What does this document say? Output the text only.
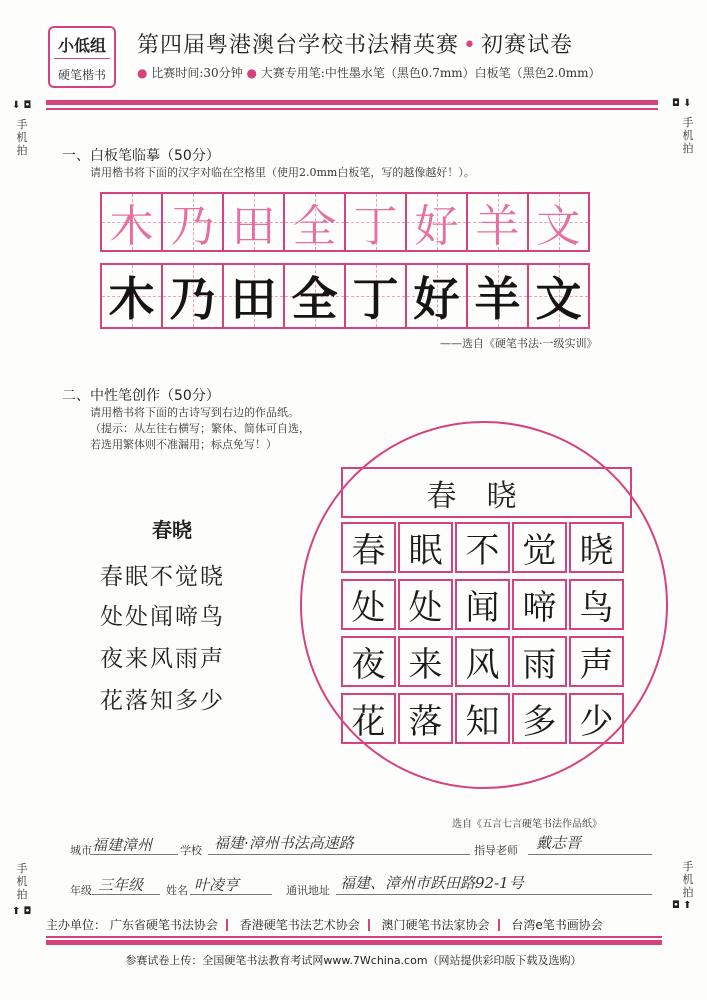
小低组
硬笔楷书
第四届粤港澳台学校书法精英赛 • 初赛试卷
● 比赛时间:30分钟 ● 大赛专用笔:中性墨水笔（黑色0.7mm）白板笔（黑色2.0mm）
⬇ ◘
手机拍
◘ ⬇
手机拍
手机拍
⬆ ◘
手机拍
◘ ⬆
一、白板笔临摹（50分）
请用楷书将下面的汉字对临在空格里（使用2.0mm白板笔，写的越像越好！）。
木 乃 田 全 丁 好 羊 文
木 乃 田 全 丁 好 羊 文
——选自《硬笔书法·一级实训》
二、中性笔创作（50分）
请用楷书将下面的古诗写到右边的作品纸。
（提示：从左往右横写；繁体、简体可自选，
若选用繁体则不准漏用；标点免写！）
春晓
春眠不觉晓
处处闻啼鸟
夜来风雨声
花落知多少
春晓
春 眠 不 觉 晓
处 处 闻 啼 鸟
夜 来 风 雨 声
花 落 知 多 少
选自《五言七言硬笔书法作品纸》
城市 福建漳州	学校 福建·漳州书法高速路	指导老师 戴志晋
年级 三年级 姓名 叶凌亨	通讯地址 福建、漳州市跃田路92-1号
主办单位： 广东省硬笔书法协会 香港硬笔书法艺术协会 澳门硬笔书法家协会 台湾e笔书画协会
参赛试卷上传：全国硬笔书法教育考试网www.7Wchina.com（网站提供彩印版下载及选购）
